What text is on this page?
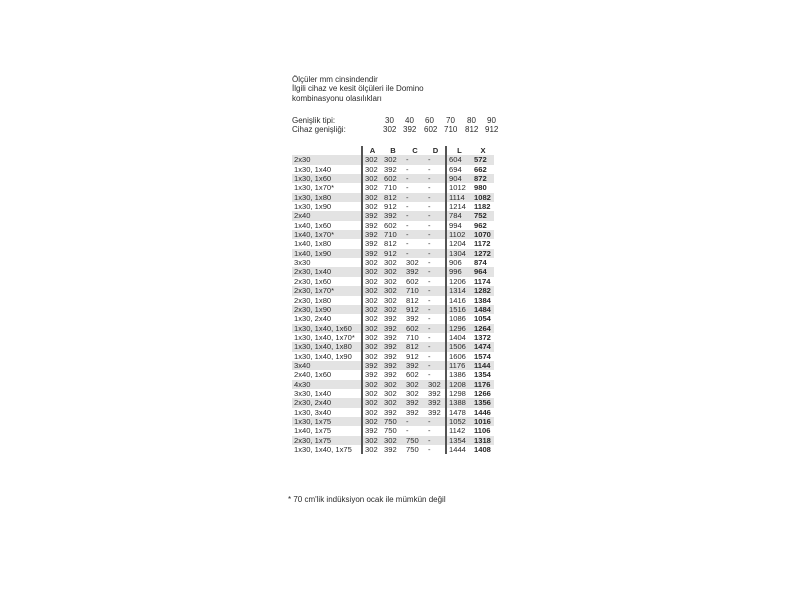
Ölçüler mm cinsindendir
İlgili cihaz ve kesit ölçüleri ile Domino
kombinasyonu olasılıkları
Genişlik tipi:	30	40	60	70	80	90
Cihaz genişliği:	302 392 602 710 812 912
	A	B	C	D	L	X
2x30	302	302	-	-	604	572
1x30, 1x40	302	392	-	-	694	662
1x30, 1x60	302	602	-	-	904	872
1x30, 1x70*	302	710	-	-	1012	980
1x30, 1x80	302	812	-	-	1114	1082
1x30, 1x90	302	912	-	-	1214	1182
2x40	392	392	-	-	784	752
1x40, 1x60	392	602	-	-	994	962
1x40, 1x70*	392	710	-	-	1102	1070
1x40, 1x80	392	812	-	-	1204	1172
1x40, 1x90	392	912	-	-	1304	1272
3x30	302	302	302	-	906	874
2x30, 1x40	302	302	392	-	996	964
2x30, 1x60	302	302	602	-	1206	1174
2x30, 1x70*	302	302	710	-	1314	1282
2x30, 1x80	302	302	812	-	1416	1384
2x30, 1x90	302	302	912	-	1516	1484
1x30, 2x40	302	392	392	-	1086	1054
1x30, 1x40, 1x60	302	392	602	-	1296	1264
1x30, 1x40, 1x70*	302	392	710	-	1404	1372
1x30, 1x40, 1x80	302	392	812	-	1506	1474
1x30, 1x40, 1x90	302	392	912	-	1606	1574
3x40	392	392	392	-	1176	1144
2x40, 1x60	392	392	602	-	1386	1354
4x30	302	302	302	302	1208	1176
3x30, 1x40	302	302	302	392	1298	1266
2x30, 2x40	302	302	392	392	1388	1356
1x30, 3x40	302	392	392	392	1478	1446
1x30, 1x75	302	750	-	-	1052	1016
1x40, 1x75	392	750	-	-	1142	1106
2x30, 1x75	302	302	750	-	1354	1318
1x30, 1x40, 1x75	302	392	750	-	1444	1408
* 70 cm'lik indüksiyon ocak ile mümkün değil
